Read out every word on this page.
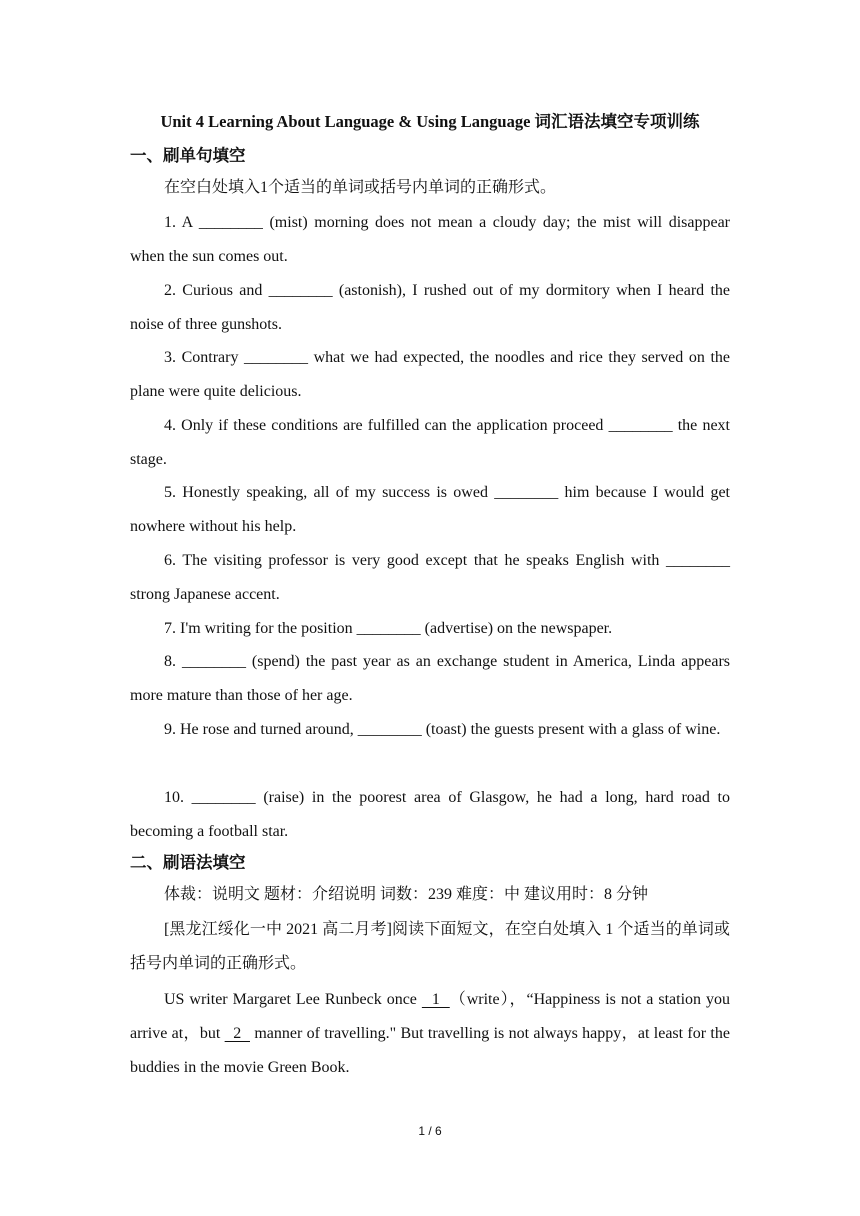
Unit 4 Learning About Language & Using Language 词汇语法填空专项训练
一、刷单句填空

在空白处填入1个适当的单词或括号内单词的正确形式。

1. A ________ (mist) morning does not mean a cloudy day; the mist will disappear when the sun comes out.

2. Curious and ________ (astonish), I rushed out of my dormitory when I heard the noise of three gunshots.

3. Contrary ________ what we had expected, the noodles and rice they served on the plane were quite delicious.

4. Only if these conditions are fulfilled can the application proceed ________ the next stage.

5. Honestly speaking, all of my success is owed ________ him because I would get nowhere without his help.

6. The visiting professor is very good except that he speaks English with ________ strong Japanese accent.

7. I'm writing for the position ________ (advertise) on the newspaper.

8. ________ (spend) the past year as an exchange student in America, Linda appears more mature than those of her age.

9. He rose and turned around, ________ (toast) the guests present with a glass of wine.

10. ________ (raise) in the poorest area of Glasgow, he had a long, hard road to becoming a football star.

二、刷语法填空

体裁：说明文 题材：介绍说明 词数：239 难度：中 建议用时：8 分钟

[黑龙江绥化一中 2021 高二月考]阅读下面短文，在空白处填入 1 个适当的单词或括号内单词的正确形式。

US writer Margaret Lee Runbeck once   1  （write），“Happiness is not a station you arrive at，but   2   manner of travelling." But travelling is not always happy，at least for the buddies in the movie Green Book.

1 / 6
